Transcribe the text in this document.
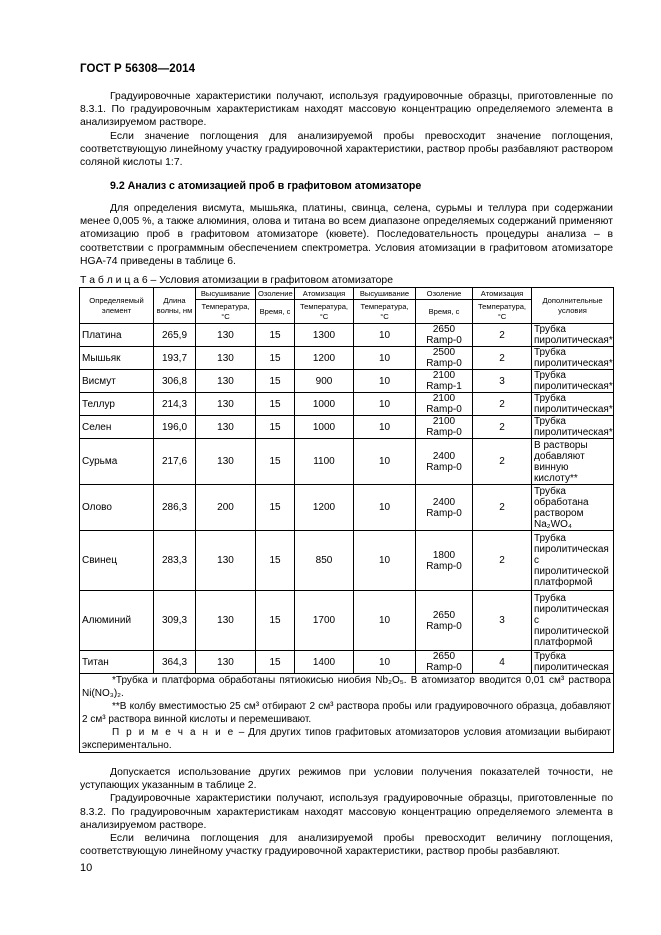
ГОСТ Р 56308—2014

Градуировочные характеристики получают, используя градуировочные образцы, приготовленные по 8.3.1. По градуировочным характеристикам находят массовую концентрацию определяемого элемента в анализируемом растворе.

Если значение поглощения для анализируемой пробы превосходит значение поглощения, соответствующую линейному участку градуировочной характеристики, раствор пробы разбавляют раствором соляной кислоты 1:7.

9.2 Анализ с атомизацией проб в графитовом атомизаторе

Для определения висмута, мышьяка, платины, свинца, селена, сурьмы и теллура при содержании менее 0,005 %, а также алюминия, олова и титана во всем диапазоне определяемых содержаний применяют атомизацию проб в графитовом атомизаторе (кювете). Последовательность процедуры анализа – в соответствии с программным обеспечением спектрометра. Условия атомизации в графитовом атомизаторе HGA-74 приведены в таблице 6.

Т а б л и ц а 6 – Условия атомизации в графитовом атомизаторе
Определяемый элемент	Длина волны, нм	Высушивание	Озоление	Атомизация	Высушивание	Озоление	Атомизация	Дополнительные условия
		Температура, °С	Время, с	Температура, °С	Температура, °С	Время, с	Температура, °С	
Платина	265,9	130	15	1300	10	2650 Ramp-0	2	Трубка пиролитическая*
Мышьяк	193,7	130	15	1200	10	2500 Ramp-0	2	Трубка пиролитическая*
Висмут	306,8	130	15	900	10	2100 Ramp-1	3	Трубка пиролитическая*
Теллур	214,3	130	15	1000	10	2100 Ramp-0	2	Трубка пиролитическая*
Селен	196,0	130	15	1000	10	2100 Ramp-0	2	Трубка пиролитическая*
Сурьма	217,6	130	15	1100	10	2400 Ramp-0	2	В растворы добавляют винную кислоту**
Олово	286,3	200	15	1200	10	2400 Ramp-0	2	Трубка обработана раствором Na₂WO₄
Свинец	283,3	130	15	850	10	1800 Ramp-0	2	Трубка пиролитическая с пиролитической платформой
Алюминий	309,3	130	15	1700	10	2650 Ramp-0	3	Трубка пиролитическая с пиролитической платформой
Титан	364,3	130	15	1400	10	2650 Ramp-0	4	Трубка пиролитическая

*Трубка и платформа обработаны пятиокисью ниобия Nb₂O₅. В атомизатор вводится 0,01 см³ раствора Ni(NO₃)₂.

**В колбу вместимостью 25 см³ отбирают 2 см³ раствора пробы или градуировочного образца, добавляют 2 см³ раствора винной кислоты и перемешивают.

П р и м е ч а н и е – Для других типов графитовых атомизаторов условия атомизации выбирают экспериментально.								

Допускается использование других режимов при условии получения показателей точности, не уступающих указанным в таблице 2.

Градуировочные характеристики получают, используя градуировочные образцы, приготовленные по 8.3.2. По градуировочным характеристикам находят массовую концентрацию определяемого элемента в анализируемом растворе.

Если величина поглощения для анализируемой пробы превосходит величину поглощения, соответствующую линейному участку градуировочной характеристики, раствор пробы разбавляют.

10
